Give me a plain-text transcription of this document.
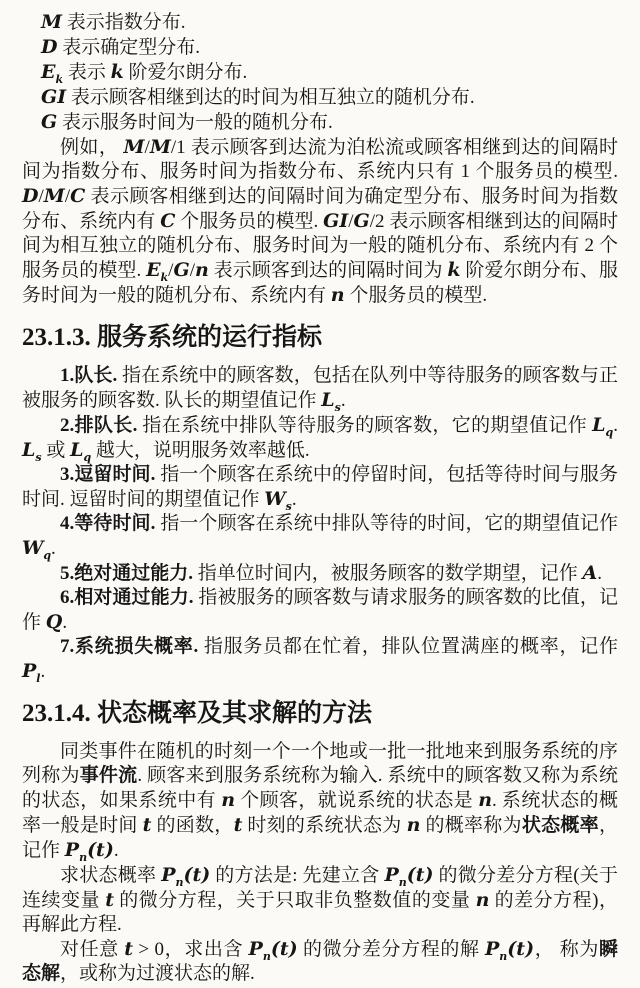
M 表示指数分布.

D 表示确定型分布.

$E_k$ 表示 k 阶爱尔朗分布.

GI 表示顾客相继到达的时间为相互独立的随机分布.

G 表示服务时间为一般的随机分布.

例如， M/M/1 表示顾客到达流为泊松流或顾客相继到达的间隔时间为指数分布、服务时间为指数分布、系统内只有 1 个服务员的模型. D/M/C 表示顾客相继到达的间隔时间为确定型分布、服务时间为指数分布、系统内有 C 个服务员的模型. GI/G/2 表示顾客相继到达的间隔时间为相互独立的随机分布、服务时间为一般的随机分布、系统内有 2 个服务员的模型. $E_k/G/n$ 表示顾客到达的间隔时间为 k 阶爱尔朗分布、服务时间为一般的随机分布、系统内有 n 个服务员的模型.

23.1.3. 服务系统的运行指标

1.队长. 指在系统中的顾客数，包括在队列中等待服务的顾客数与正被服务的顾客数. 队长的期望值记作 $L_s$.

2.排队长. 指在系统中排队等待服务的顾客数，它的期望值记作 $L_q$. $L_s$ 或 $L_q$ 越大，说明服务效率越低.

3.逗留时间. 指一个顾客在系统中的停留时间，包括等待时间与服务时间. 逗留时间的期望值记作 $W_s$.

4.等待时间. 指一个顾客在系统中排队等待的时间，它的期望值记作 $W_q$.

5.绝对通过能力. 指单位时间内，被服务顾客的数学期望，记作 A.

6.相对通过能力. 指被服务的顾客数与请求服务的顾客数的比值，记作 Q.

7.系统损失概率. 指服务员都在忙着，排队位置满座的概率，记作 $P_l$.

23.1.4. 状态概率及其求解的方法

同类事件在随机的时刻一个一个地或一批一批地来到服务系统的序列称为事件流. 顾客来到服务系统称为输入. 系统中的顾客数又称为系统的状态，如果系统中有 n 个顾客，就说系统的状态是 n. 系统状态的概率一般是时间 t 的函数，t 时刻的系统状态为 n 的概率称为状态概率，记作 $P_n(t)$.

求状态概率 $P_n(t)$ 的方法是: 先建立含 $P_n(t)$ 的微分差分方程(关于连续变量 t 的微分方程，关于只取非负整数值的变量 n 的差分方程)，再解此方程.

对任意 t > 0，求出含 $P_n(t)$ 的微分差分方程的解 $P_n(t)$， 称为瞬态解，或称为过渡状态的解.
